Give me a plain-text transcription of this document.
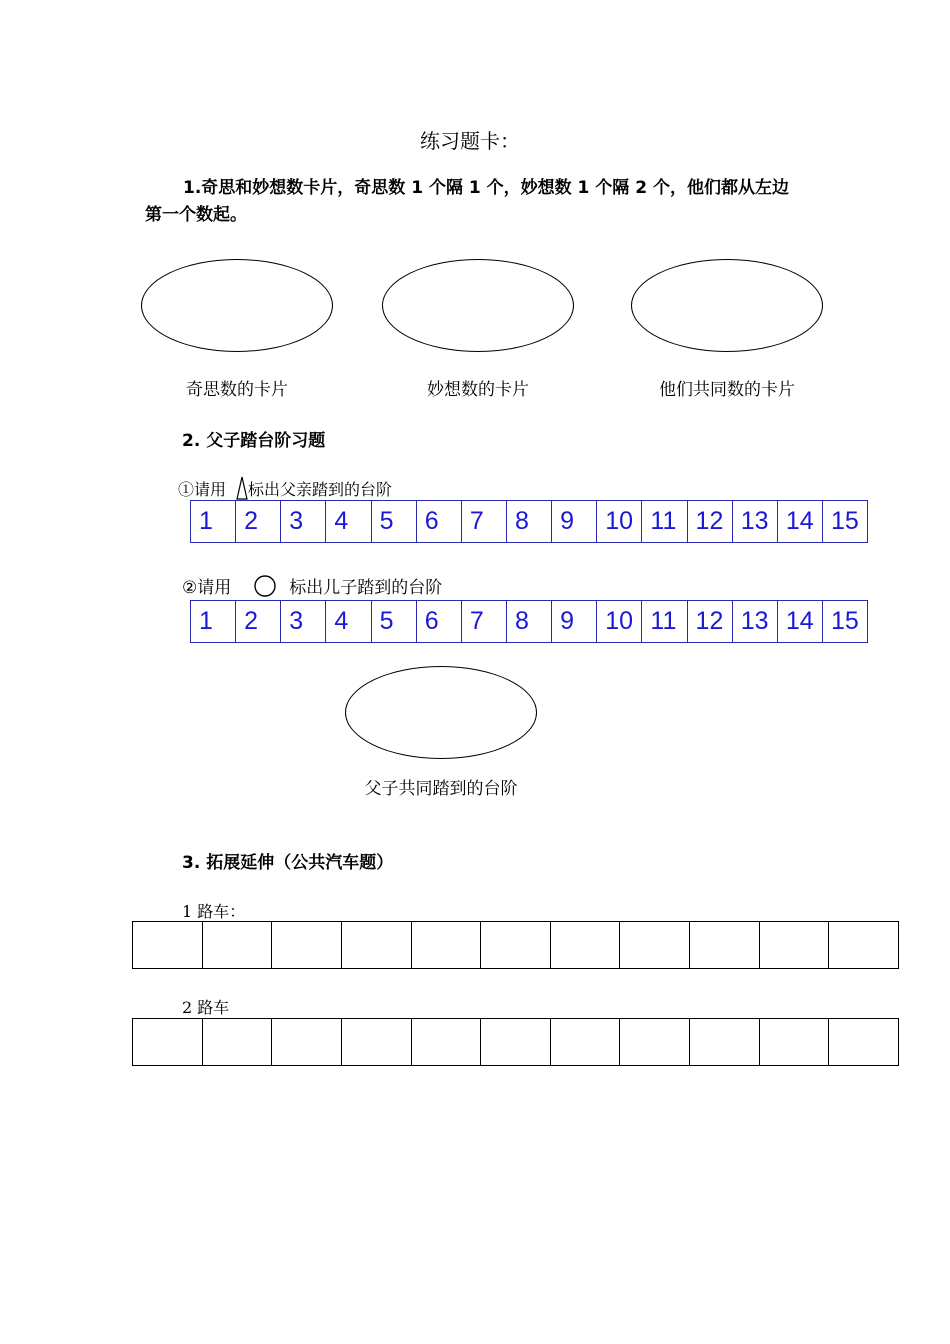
练习题卡：
1.奇思和妙想数卡片，奇思数 1 个隔 1 个，妙想数 1 个隔 2 个，他们都从左边
第一个数起。
奇思数的卡片	妙想数的卡片	他们共同数的卡片
2. 父子踏台阶习题
①请用 标出父亲踏到的台阶
1	2	3	4	5	6	7	8	9	10 11 12 13 14 15
②请用	标出儿子踏到的台阶
1	2	3	4	5	6	7	8	9	10 11 12 13 14 15
父子共同踏到的台阶
3. 拓展延伸（公共汽车题）
1 路车：
2 路车
